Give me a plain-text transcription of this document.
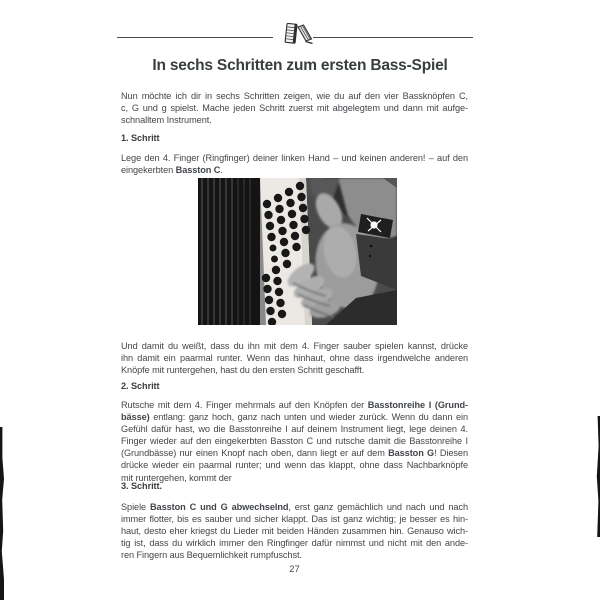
In sechs Schritten zum ersten Bass-Spiel
Nun möchte ich dir in sechs Schritten zeigen, wie du auf den vier Bassknöpfen C,
c, G und g spielst. Mache jeden Schritt zuerst mit abgelegtem und dann mit aufge-
schnalltem Instrument.
1. Schritt
Lege den 4. Finger (Ringfinger) deiner linken Hand – und keinen anderen! – auf den
eingekerbten Basston C.
Und damit du weißt, dass du ihn mit dem 4. Finger sauber spielen kannst, drücke
ihn damit ein paarmal runter. Wenn das hinhaut, ohne dass irgendwelche anderen
Knöpfe mit runtergehen, hast du den ersten Schritt geschafft.
2. Schritt
Rutsche mit dem 4. Finger mehrmals auf den Knöpfen der Basstonreihe I (Grund-
bässe) entlang: ganz hoch, ganz nach unten und wieder zurück. Wenn du dann ein
Gefühl dafür hast, wo die Basstonreihe I auf deinem Instrument liegt, lege deinen 4.
Finger wieder auf den eingekerbten Basston C und rutsche damit die Basstonreihe I
(Grundbässe) nur einen Knopf nach oben, dann liegt er auf dem Basston G! Diesen
drücke wieder ein paarmal runter; und wenn das klappt, ohne dass Nachbarknöpfe
mit runtergehen, kommt der
3. Schritt.
Spiele Basston C und G abwechselnd, erst ganz gemächlich und nach und nach
immer flotter, bis es sauber und sicher klappt. Das ist ganz wichtig; je besser es hin-
haut, desto eher kriegst du Lieder mit beiden Händen zusammen hin. Genauso wich-
tig ist, dass du wirklich immer den Ringfinger dafür nimmst und nicht mit den ande-
ren Fingern aus Bequemlichkeit rumpfuschst.
27
